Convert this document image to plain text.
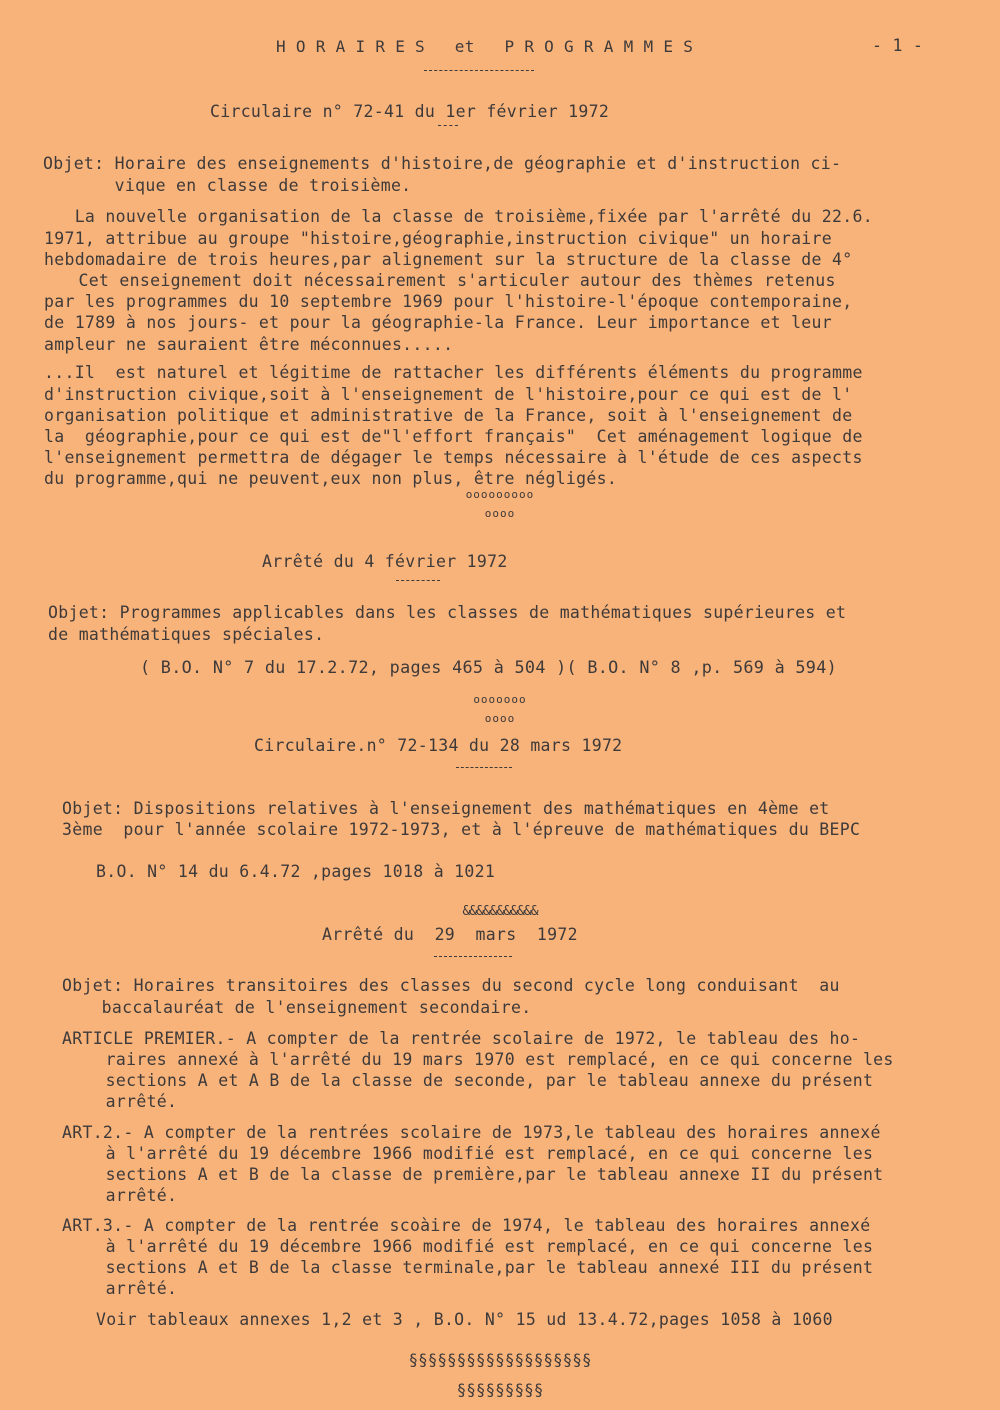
H O R A I R E S   et   P R O G R A M M E S	- 1 -
Circulaire n° 72-41 du 1er février 1972
Objet: Horaire des enseignements d'histoire,de géographie et d'instruction ci-
vique en classe de troisième.
La nouvelle organisation de la classe de troisième,fixée par l'arrêté du 22.6.
1971, attribue au groupe "histoire,géographie,instruction civique" un horaire
hebdomadaire de trois heures,par alignement sur la structure de la classe de 4°
Cet enseignement doit nécessairement s'articuler autour des thèmes retenus
par les programmes du 10 septembre 1969 pour l'histoire-l'époque contemporaine,
de 1789 à nos jours- et pour la géographie-la France. Leur importance et leur
ampleur ne sauraient être méconnues.....
...Il  est naturel et légitime de rattacher les différents éléments du programme
d'instruction civique,soit à l'enseignement de l'histoire,pour ce qui est de l'
organisation politique et administrative de la France, soit à l'enseignement de
la  géographie,pour ce qui est de"l'effort français"  Cet aménagement logique de
l'enseignement permettra de dégager le temps nécessaire à l'étude de ces aspects
du programme,qui ne peuvent,eux non plus, être négligés.
ooooooooo
oooo
Arrêté du 4 février 1972
Objet: Programmes applicables dans les classes de mathématiques supérieures et
de mathématiques spéciales.
( B.O. N° 7 du 17.2.72, pages 465 à 504 )( B.O. N° 8 ,p. 569 à 594)
ooooooo
oooo
Circulaire.n° 72-134 du 28 mars 1972
Objet: Dispositions relatives à l'enseignement des mathématiques en 4ème et
3ème  pour l'année scolaire 1972-1973, et à l'épreuve de mathématiques du BEPC
B.O. N° 14 du 6.4.72 ,pages 1018 à 1021
&&&&&&&&&&&
Arrêté du  29  mars  1972
Objet: Horaires transitoires des classes du second cycle long conduisant  au
baccalauréat de l'enseignement secondaire.
ARTICLE PREMIER.- A compter de la rentrée scolaire de 1972, le tableau des ho-
raires annexé à l'arrêté du 19 mars 1970 est remplacé, en ce qui concerne les
sections A et A B de la classe de seconde, par le tableau annexe du présent
arrêté.
ART.2.- A compter de la rentrées scolaire de 1973,le tableau des horaires annexé
à l'arrêté du 19 décembre 1966 modifié est remplacé, en ce qui concerne les
sections A et B de la classe de première,par le tableau annexe II du présent
arrêté.
ART.3.- A compter de la rentrée scoàire de 1974, le tableau des horaires annexé
à l'arrêté du 19 décembre 1966 modifié est remplacé, en ce qui concerne les
sections A et B de la classe terminale,par le tableau annexé III du présent
arrêté.
Voir tableaux annexes 1,2 et 3 , B.O. N° 15 ud 13.4.72,pages 1058 à 1060
§§§§§§§§§§§§§§§§§§§
§§§§§§§§§
